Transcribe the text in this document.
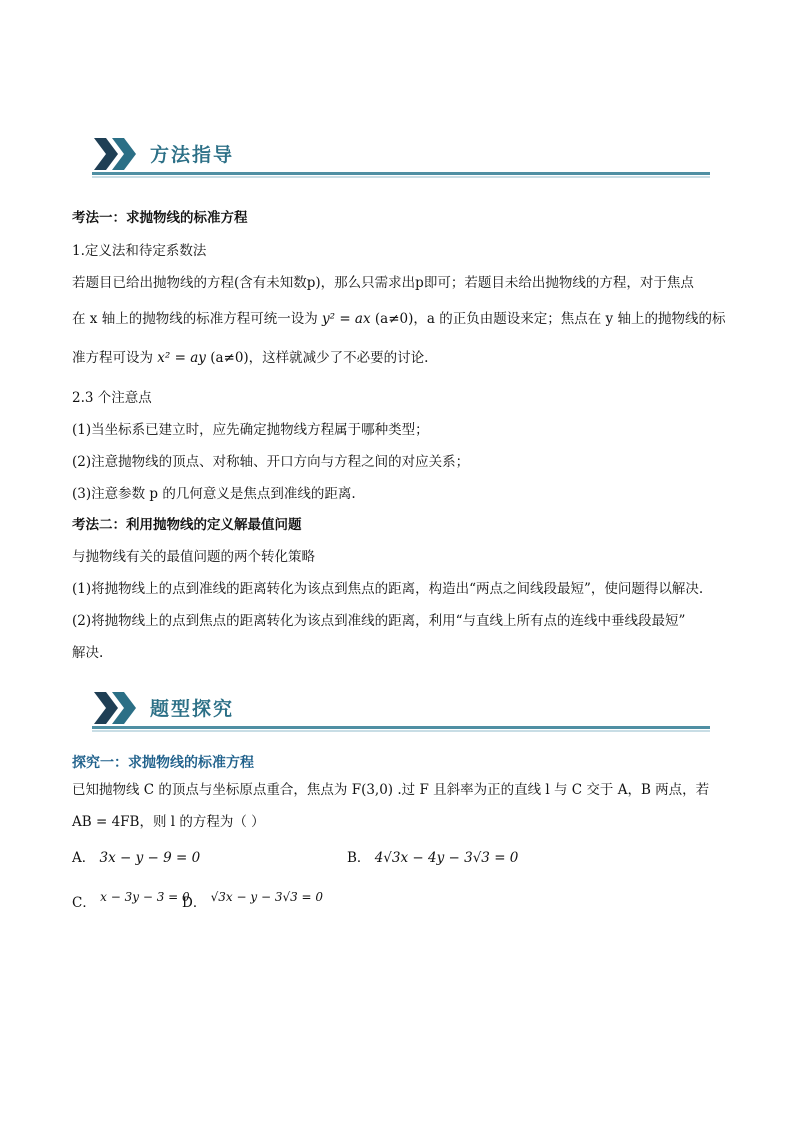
方法指导
考法一：求抛物线的标准方程
1.定义法和待定系数法
若题目已给出抛物线的方程(含有未知数p)，那么只需求出p即可；若题目未给出抛物线的方程，对于焦点
在 x 轴上的抛物线的标准方程可统一设为 y² = ax (a≠0)，a 的正负由题设来定；焦点在 y 轴上的抛物线的标
准方程可设为 x² = ay (a≠0)，这样就减少了不必要的讨论.
2.3 个注意点
(1)当坐标系已建立时，应先确定抛物线方程属于哪种类型；
(2)注意抛物线的顶点、对称轴、开口方向与方程之间的对应关系；
(3)注意参数 p 的几何意义是焦点到准线的距离.
考法二：利用抛物线的定义解最值问题
与抛物线有关的最值问题的两个转化策略
(1)将抛物线上的点到准线的距离转化为该点到焦点的距离，构造出“两点之间线段最短”，使问题得以解决.
(2)将抛物线上的点到焦点的距离转化为该点到准线的距离，利用“与直线上所有点的连线中垂线段最短”
解决.
题型探究
探究一：求抛物线的标准方程
已知抛物线 C 的顶点与坐标原点重合，焦点为 F(3,0) .过 F 且斜率为正的直线 l 与 C 交于 A，B 两点，若
AB = 4FB，则 l 的方程为（ ）
A． 3x − y − 9 = 0	B． 4√3x − 4y − 3√3 = 0
C． x − 3y − 3 = 0
D． √3x − y − 3√3 = 0
